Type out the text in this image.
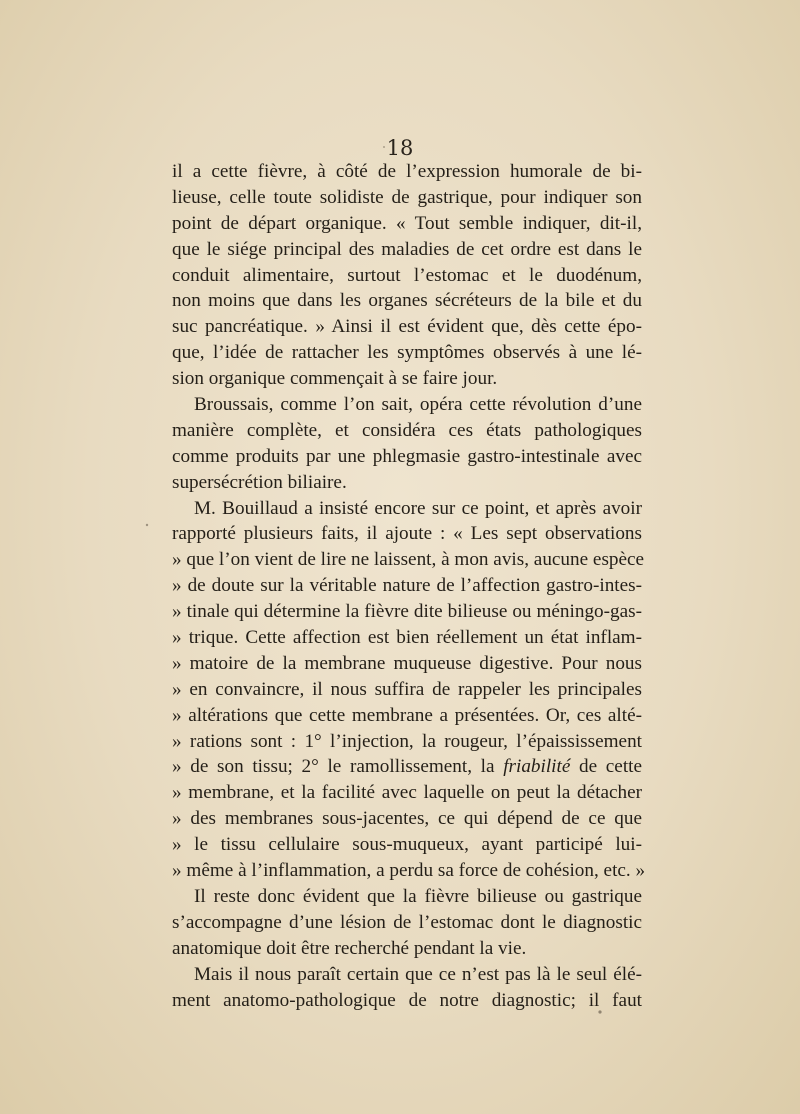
18
il a cette fièvre, à côté de l’expression humorale de bi-
lieuse, celle toute solidiste de gastrique, pour indiquer son
point de départ organique. « Tout semble indiquer, dit-il,
que le siége principal des maladies de cet ordre est dans le
conduit alimentaire, surtout l’estomac et le duodénum,
non moins que dans les organes sécréteurs de la bile et du
suc pancréatique. » Ainsi il est évident que, dès cette épo-
que, l’idée de rattacher les symptômes observés à une lé-
sion organique commençait à se faire jour.
Broussais, comme l’on sait, opéra cette révolution d’une
manière complète, et considéra ces états pathologiques
comme produits par une phlegmasie gastro-intestinale avec
supersécrétion biliaire.
M. Bouillaud a insisté encore sur ce point, et après avoir
rapporté plusieurs faits, il ajoute : « Les sept observations
» que l’on vient de lire ne laissent, à mon avis, aucune espèce
» de doute sur la véritable nature de l’affection gastro-intes-
» tinale qui détermine la fièvre dite bilieuse ou méningo-gas-
» trique. Cette affection est bien réellement un état inflam-
» matoire de la membrane muqueuse digestive. Pour nous
» en convaincre, il nous suffira de rappeler les principales
» altérations que cette membrane a présentées. Or, ces alté-
» rations sont : 1° l’injection, la rougeur, l’épaississement
» de son tissu; 2° le ramollissement, la friabilité de cette
» membrane, et la facilité avec laquelle on peut la détacher
» des membranes sous-jacentes, ce qui dépend de ce que
» le tissu cellulaire sous-muqueux, ayant participé lui-
» même à l’inflammation, a perdu sa force de cohésion, etc. »
Il reste donc évident que la fièvre bilieuse ou gastrique
s’accompagne d’une lésion de l’estomac dont le diagnostic
anatomique doit être recherché pendant la vie.
Mais il nous paraît certain que ce n’est pas là le seul élé-
ment anatomo-pathologique de notre diagnostic; il faut
